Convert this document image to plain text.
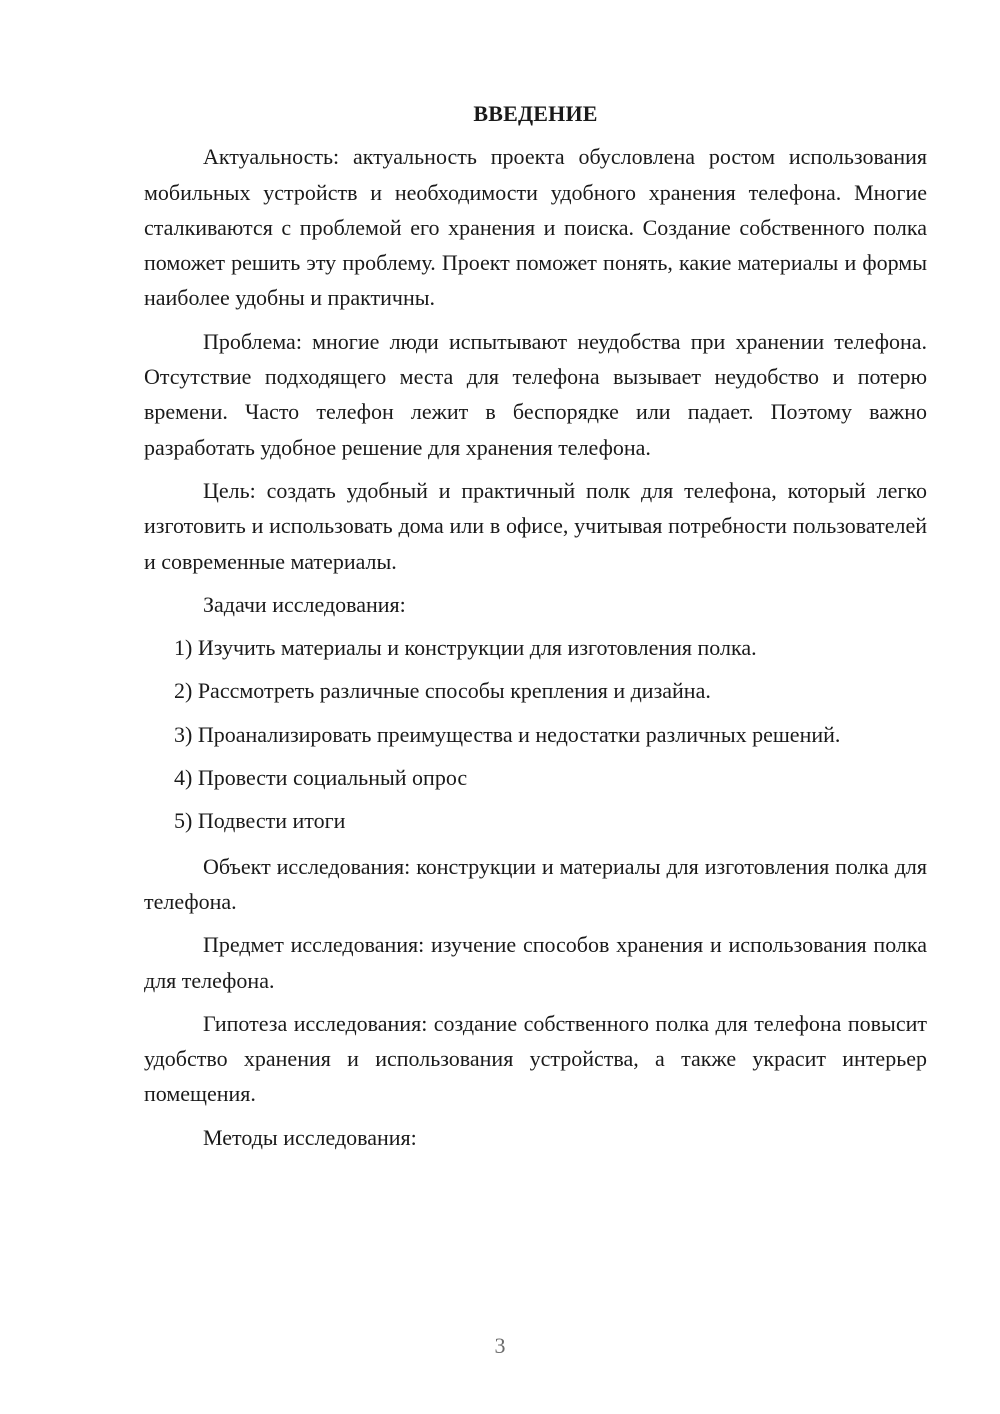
ВВЕДЕНИЕ

Актуальность: актуальность проекта обусловлена ростом использования мобильных устройств и необходимости удобного хранения телефона. Многие сталкиваются с проблемой его хранения и поиска. Создание собственного полка поможет решить эту проблему. Проект поможет понять, какие материалы и формы наиболее удобны и практичны.

Проблема: многие люди испытывают неудобства при хранении телефона. Отсутствие подходящего места для телефона вызывает неудобство и потерю времени. Часто телефон лежит в беспорядке или падает. Поэтому важно разработать удобное решение для хранения телефона.

Цель: создать удобный и практичный полк для телефона, который легко изготовить и использовать дома или в офисе, учитывая потребности пользователей и современные материалы.

Задачи исследования:

1) Изучить материалы и конструкции для изготовления полка.

2) Рассмотреть различные способы крепления и дизайна.

3) Проанализировать преимущества и недостатки различных решений.

4) Провести социальный опрос

5) Подвести итоги

Объект исследования: конструкции и материалы для изготовления полка для телефона.

Предмет исследования: изучение способов хранения и использования полка для телефона.

Гипотеза исследования: создание собственного полка для телефона повысит удобство хранения и использования устройства, а также украсит интерьер помещения.

Методы исследования:

3
